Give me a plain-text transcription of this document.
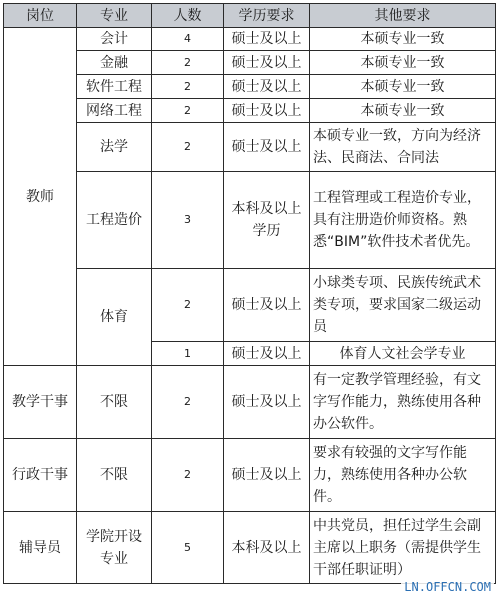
岗位	专业	人数	学历要求	其他要求
教师	会计	4	硕士及以上	本硕专业一致
	金融	2	硕士及以上	本硕专业一致
	软件工程	2	硕士及以上	本硕专业一致
	网络工程	2	硕士及以上	本硕专业一致
	法学	2	硕士及以上	本硕专业一致，方向为经济法、民商法、合同法
	工程造价	3	本科及以上学历	工程管理或工程造价专业，具有注册造价师资格。熟悉“BIM”软件技术者优先。
	体育	2	硕士及以上	小球类专项、民族传统武术类专项，要求国家二级运动员
		1	硕士及以上	体育人文社会学专业
教学干事	不限	2	硕士及以上	有一定教学管理经验，有文字写作能力，熟练使用各种办公软件。
行政干事	不限	2	硕士及以上	要求有较强的文字写作能力，熟练使用各种办公软件。
辅导员	学院开设专业	5	本科及以上	中共党员，担任过学生会副主席以上职务（需提供学生干部任职证明）
LN.OFFCN.COM
